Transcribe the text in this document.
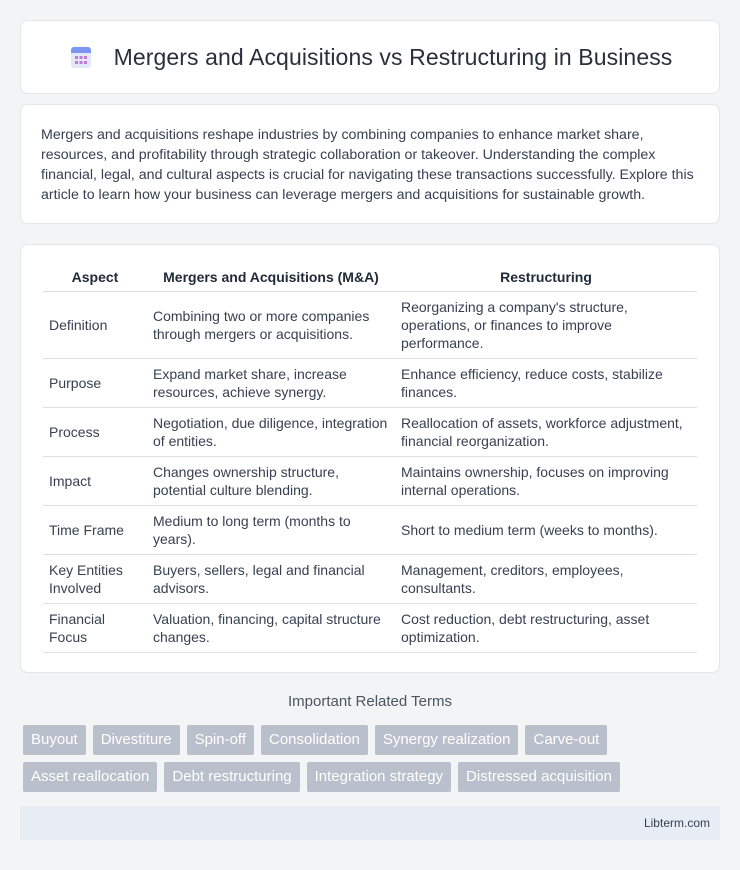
Mergers and Acquisitions vs Restructuring in Business

Mergers and acquisitions reshape industries by combining companies to enhance market share, resources, and profitability through strategic collaboration or takeover. Understanding the complex financial, legal, and cultural aspects is crucial for navigating these transactions successfully. Explore this article to learn how your business can leverage mergers and acquisitions for sustainable growth.

Aspect	Mergers and Acquisitions (M&A)	Restructuring
Definition	Combining two or more companies through mergers or acquisitions.	Reorganizing a company's structure, operations, or finances to improve performance.
Purpose	Expand market share, increase resources, achieve synergy.	Enhance efficiency, reduce costs, stabilize finances.
Process	Negotiation, due diligence, integration of entities.	Reallocation of assets, workforce adjustment, financial reorganization.
Impact	Changes ownership structure, potential culture blending.	Maintains ownership, focuses on improving internal operations.
Time Frame	Medium to long term (months to years).	Short to medium term (weeks to months).
Key Entities Involved	Buyers, sellers, legal and financial advisors.	Management, creditors, employees, consultants.
Financial Focus	Valuation, financing, capital structure changes.	Cost reduction, debt restructuring, asset optimization.
Important Related Terms
Buyout	Divestiture	Spin-off	Consolidation	Synergy realization	Carve-out
Asset reallocation	Debt restructuring	Integration strategy	Distressed acquisition
Libterm.com
